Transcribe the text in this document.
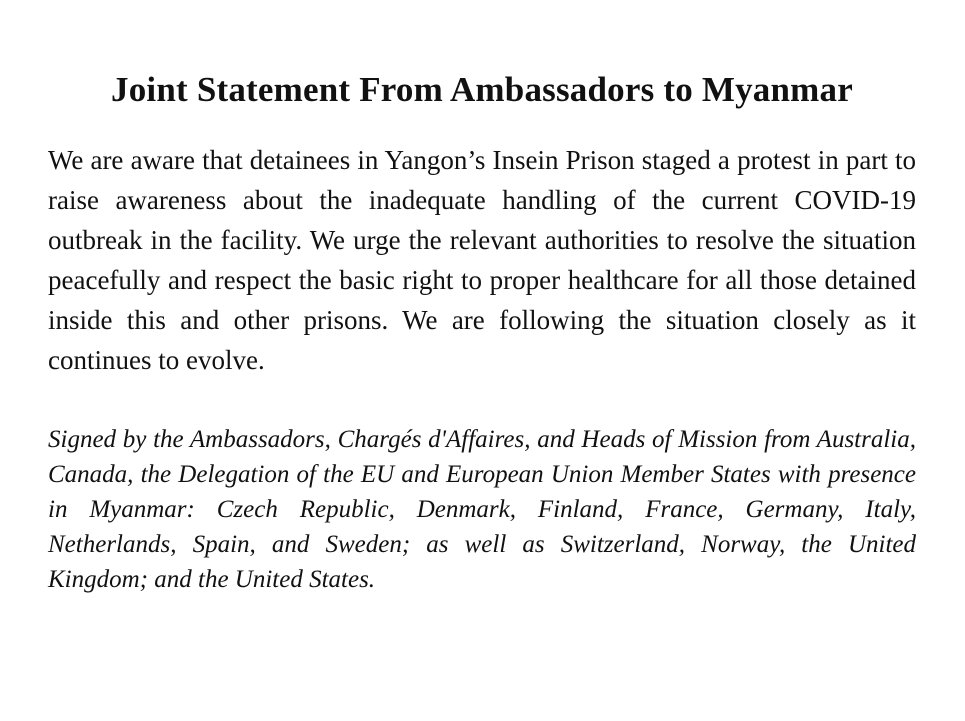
Joint Statement From Ambassadors to Myanmar

We are aware that detainees in Yangon’s Insein Prison staged a protest in part to raise awareness about the inadequate handling of the current COVID-19 outbreak in the facility. We urge the relevant authorities to resolve the situation peacefully and respect the basic right to proper healthcare for all those detained inside this and other prisons. We are following the situation closely as it continues to evolve.

Signed by the Ambassadors, Chargés d'Affaires, and Heads of Mission from Australia, Canada, the Delegation of the EU and European Union Member States with presence in Myanmar: Czech Republic, Denmark, Finland, France, Germany, Italy, Netherlands, Spain, and Sweden; as well as Switzerland, Norway, the United Kingdom; and the United States.
